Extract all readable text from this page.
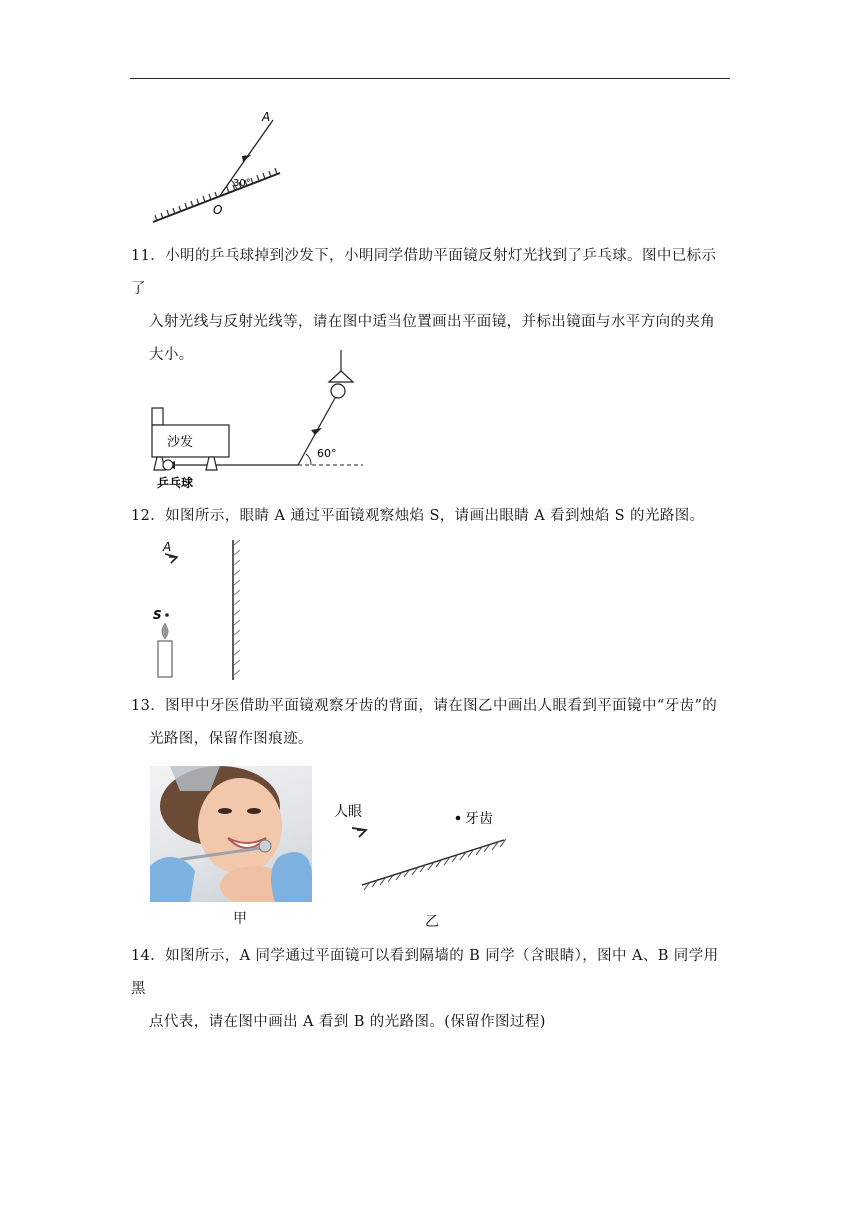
A
30°
O
11．小明的乒乓球掉到沙发下，小明同学借助平面镜反射灯光找到了乒乓球。图中已标示了
入射光线与反射光线等，请在图中适当位置画出平面镜，并标出镜面与水平方向的夹角
大小。
60°
沙发
乒乓球
12．如图所示，眼睛 A 通过平面镜观察烛焰 S，请画出眼睛 A 看到烛焰 S 的光路图。
A
S
13．图甲中牙医借助平面镜观察牙齿的背面，请在图乙中画出人眼看到平面镜中“牙齿”的
光路图，保留作图痕迹。
甲
人眼	牙齿
乙
14．如图所示，A 同学通过平面镜可以看到隔墙的 B 同学（含眼睛），图中 A、B 同学用黑
点代表，请在图中画出 A 看到 B 的光路图。(保留作图过程)
